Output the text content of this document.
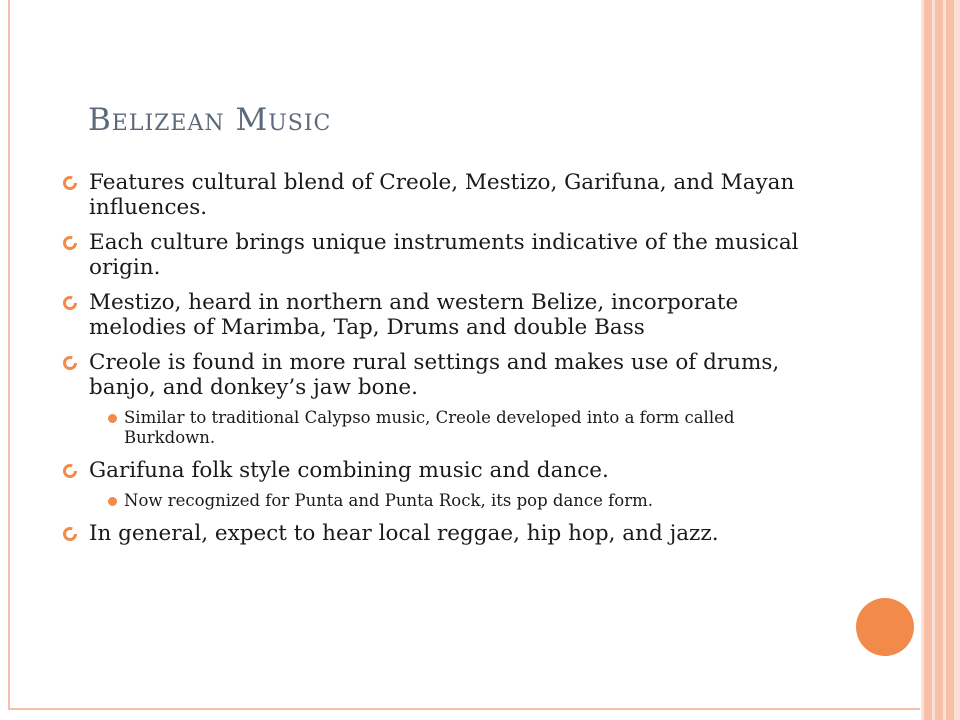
Belizean Music
Features cultural blend of Creole, Mestizo, Garifuna, and Mayan influences.
Each culture brings unique instruments indicative of the musical origin.
Mestizo, heard in northern and western Belize, incorporate melodies of Marimba, Tap, Drums and double Bass
Creole is found in more rural settings and makes use of drums, banjo, and donkey’s jaw bone.
Similar to traditional Calypso music, Creole developed into a form called Burkdown.
Garifuna folk style combining music and dance.
Now recognized for Punta and Punta Rock, its pop dance form.
In general, expect to hear local reggae, hip hop, and jazz.
